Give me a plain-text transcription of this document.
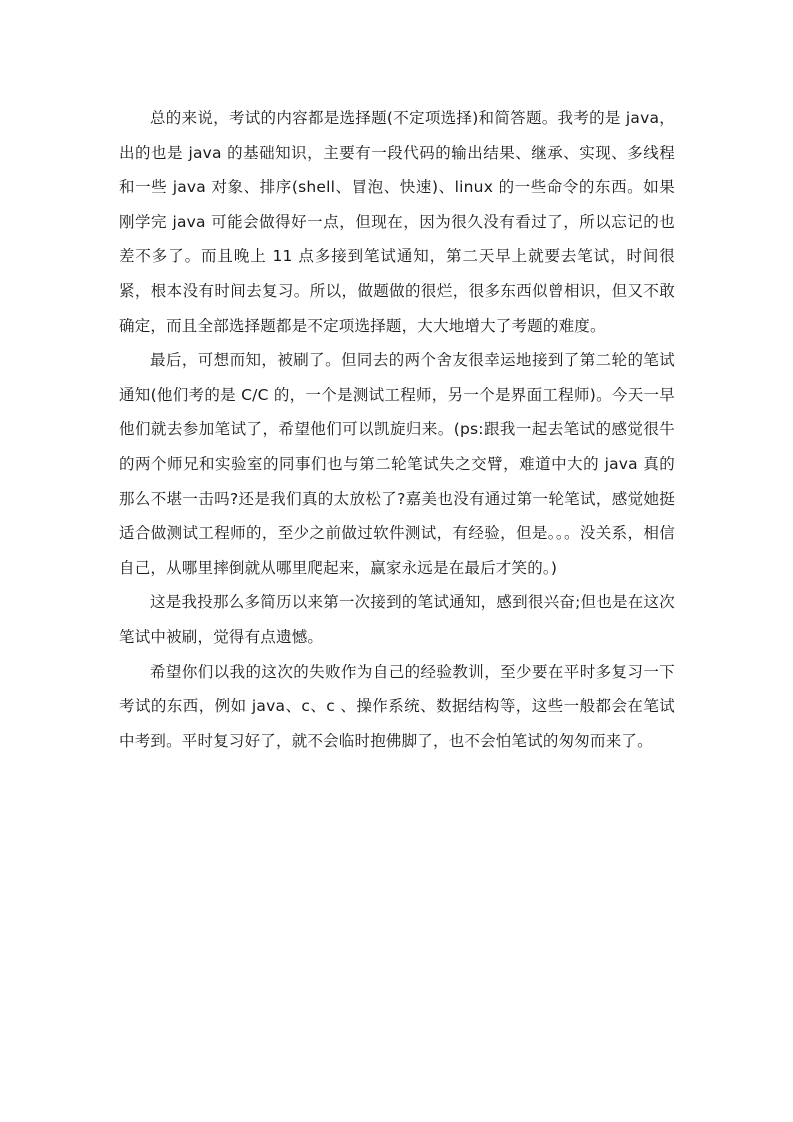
总的来说，考试的内容都是选择题(不定项选择)和简答题。我考的是 java，出的也是 java 的基础知识，主要有一段代码的输出结果、继承、实现、多线程和一些 java 对象、排序(shell、冒泡、快速)、linux 的一些命令的东西。如果刚学完 java 可能会做得好一点，但现在，因为很久没有看过了，所以忘记的也差不多了。而且晚上 11 点多接到笔试通知，第二天早上就要去笔试，时间很紧，根本没有时间去复习。所以，做题做的很烂，很多东西似曾相识，但又不敢确定，而且全部选择题都是不定项选择题，大大地增大了考题的难度。

最后，可想而知，被刷了。但同去的两个舍友很幸运地接到了第二轮的笔试通知(他们考的是 C/C 的，一个是测试工程师，另一个是界面工程师)。今天一早他们就去参加笔试了，希望他们可以凯旋归来。(ps:跟我一起去笔试的感觉很牛的两个师兄和实验室的同事们也与第二轮笔试失之交臂，难道中大的 java 真的那么不堪一击吗?还是我们真的太放松了?嘉美也没有通过第一轮笔试，感觉她挺适合做测试工程师的，至少之前做过软件测试，有经验，但是。。。没关系，相信自己，从哪里摔倒就从哪里爬起来，赢家永远是在最后才笑的。)

这是我投那么多简历以来第一次接到的笔试通知，感到很兴奋;但也是在这次笔试中被刷，觉得有点遗憾。

希望你们以我的这次的失败作为自己的经验教训，至少要在平时多复习一下考试的东西，例如 java、c、c 、操作系统、数据结构等，这些一般都会在笔试中考到。平时复习好了，就不会临时抱佛脚了，也不会怕笔试的匆匆而来了。
